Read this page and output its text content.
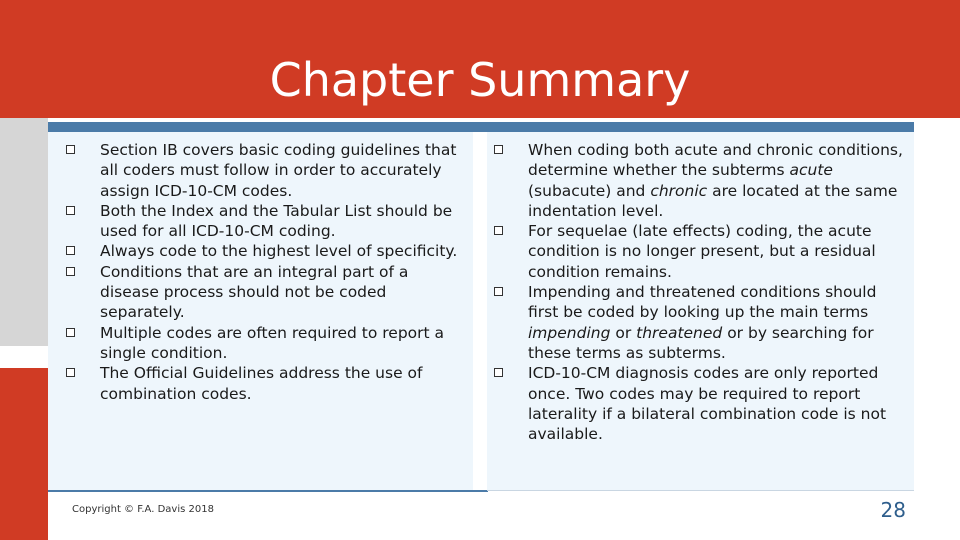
Chapter Summary
Section IB covers basic coding guidelines that all coders must follow in order to accurately assign ICD-10-CM codes.
Both the Index and the Tabular List should be used for all ICD-10-CM coding.
Always code to the highest level of specificity.
Conditions that are an integral part of a disease process should not be coded separately.
Multiple codes are often required to report a single condition.
The Official Guidelines address the use of combination codes.
When coding both acute and chronic conditions, determine whether the subterms acute (subacute) and chronic are located at the same indentation level.
For sequelae (late effects) coding, the acute condition is no longer present, but a residual condition remains.
Impending and threatened conditions should first be coded by looking up the main terms impending or threatened or by searching for these terms as subterms.
ICD-10-CM diagnosis codes are only reported once. Two codes may be required to report laterality if a bilateral combination code is not available.
Copyright © F.A. Davis 2018	28
